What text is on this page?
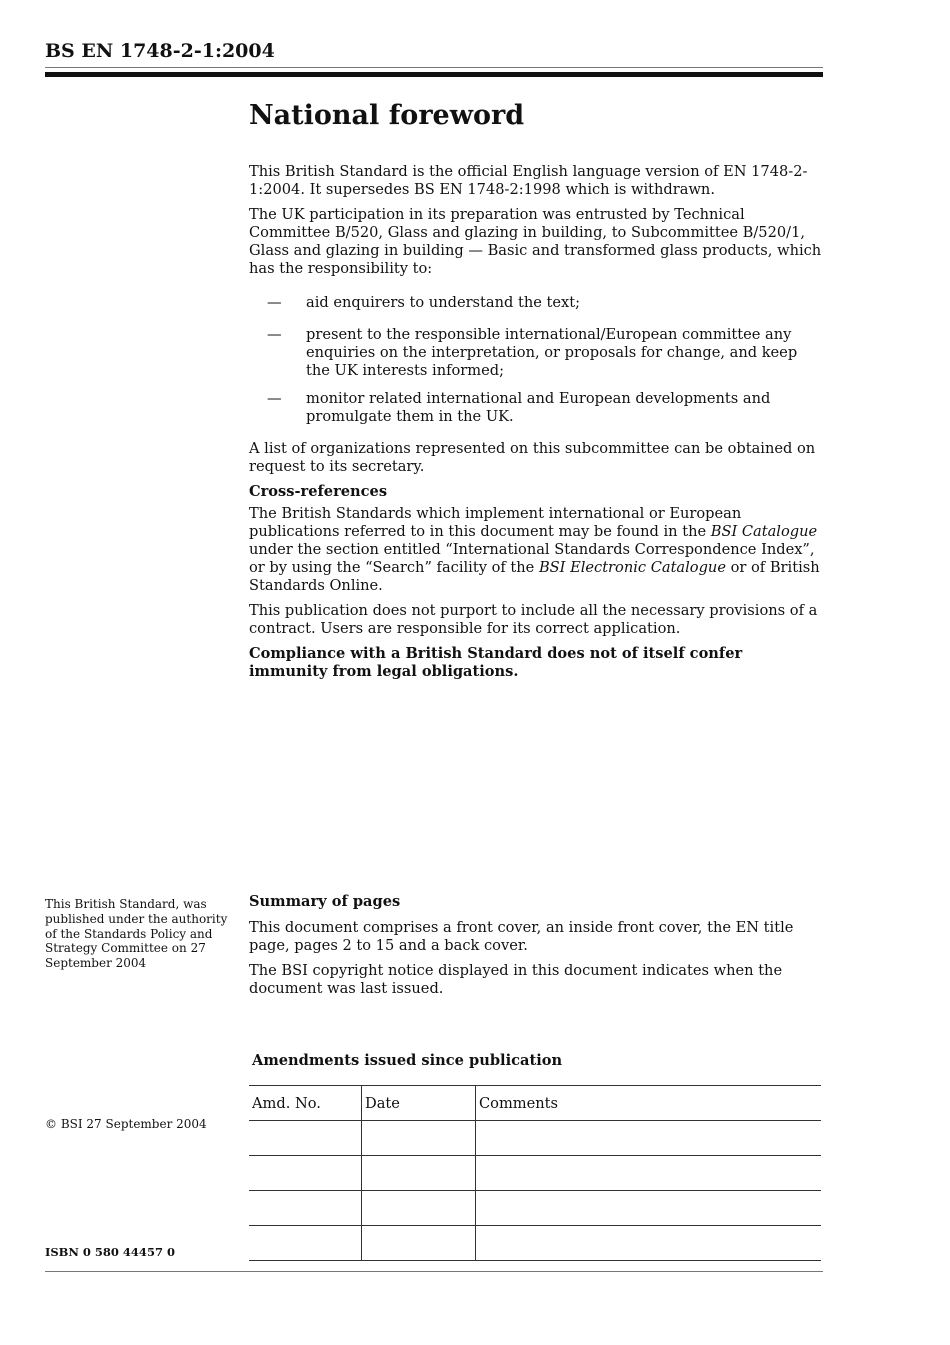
BS EN 1748-2-1:2004
National foreword

This British Standard is the official English language version of EN 1748-2-1:2004. It supersedes BS EN 1748-2:1998 which is withdrawn.

The UK participation in its preparation was entrusted by Technical Committee B/520, Glass and glazing in building, to Subcommittee B/520/1, Glass and glazing in building — Basic and transformed glass products, which has the responsibility to:

—	aid enquirers to understand the text;
—	present to the responsible international/European committee any enquiries on the interpretation, or proposals for change, and keep the UK interests informed;
—	monitor related international and European developments and promulgate them in the UK.

A list of organizations represented on this subcommittee can be obtained on request to its secretary.

Cross-references

The British Standards which implement international or European publications referred to in this document may be found in the BSI Catalogue under the section entitled “International Standards Correspondence Index”, or by using the “Search” facility of the BSI Electronic Catalogue or of British Standards Online.

This publication does not purport to include all the necessary provisions of a contract. Users are responsible for its correct application.

Compliance with a British Standard does not of itself confer immunity from legal obligations.

This British Standard, was published under the authority of the Standards Policy and Strategy Committee on 27 September 2004
© BSI 27 September 2004
ISBN 0 580 44457 0

Summary of pages

This document comprises a front cover, an inside front cover, the EN title page, pages 2 to 15 and a back cover.

The BSI copyright notice displayed in this document indicates when the document was last issued.

Amendments issued since publication
Amd. No.	Date	Comments
